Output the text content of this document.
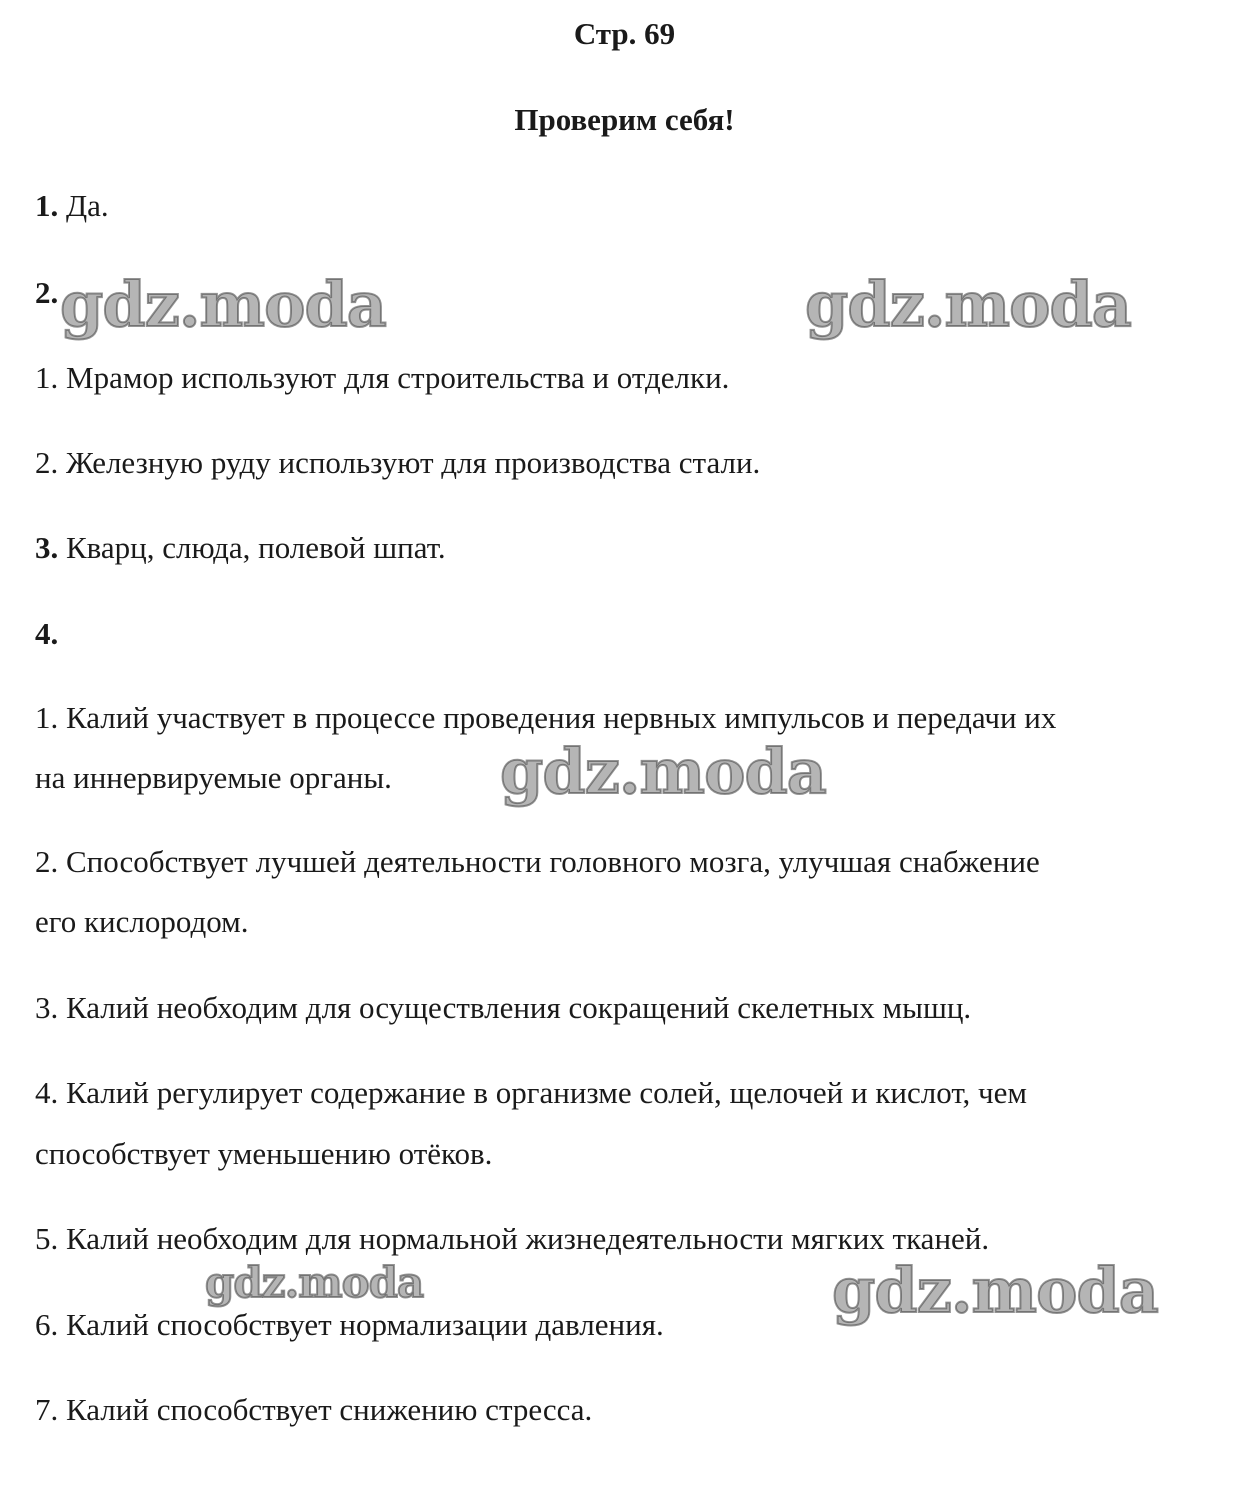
Стр. 69
Проверим себя!

1. Да.

2.

1. Мрамор используют для строительства и отделки.

2. Железную руду используют для производства стали.

3. Кварц, слюда, полевой шпат.

4.

1. Калий участвует в процессе проведения нервных импульсов и передачи их

на иннервируемые органы.

2. Способствует лучшей деятельности головного мозга, улучшая снабжение

его кислородом.

3. Калий необходим для осуществления сокращений скелетных мышц.

4. Калий регулирует содержание в организме солей, щелочей и кислот, чем

способствует уменьшению отёков.

5. Калий необходим для нормальной жизнедеятельности мягких тканей.

6. Калий способствует нормализации давления.

7. Калий способствует снижению стресса.

gdz.moda	gdz.moda
gdz.moda
gdz.moda	gdz.moda
